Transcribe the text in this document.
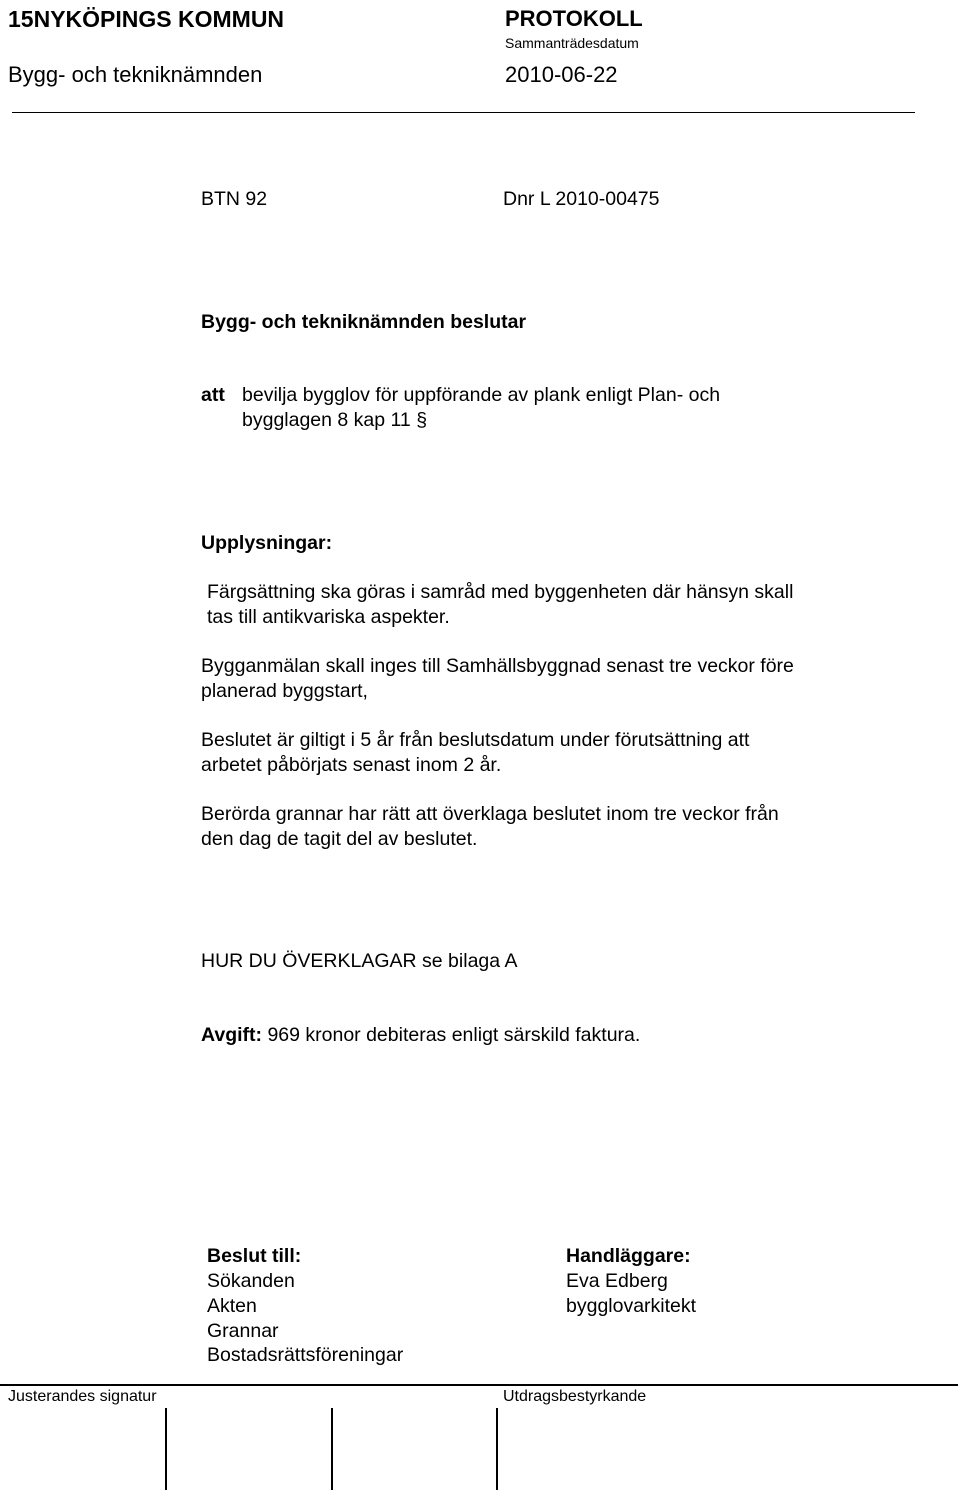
15NYKÖPINGS KOMMUN	PROTOKOLL
Sammanträdesdatum
Bygg- och tekniknämnden	2010-06-22
BTN 92	Dnr L 2010-00475
Bygg- och tekniknämnden beslutar
att bevilja bygglov för uppförande av plank enligt Plan- och
bygglagen 8 kap 11 §
Upplysningar:
Färgsättning ska göras i samråd med byggenheten där hänsyn skall
tas till antikvariska aspekter.
Bygganmälan skall inges till Samhällsbyggnad senast tre veckor före
planerad byggstart,
Beslutet är giltigt i 5 år från beslutsdatum under förutsättning att
arbetet påbörjats senast inom 2 år.
Berörda grannar har rätt att överklaga beslutet inom tre veckor från
den dag de tagit del av beslutet.
HUR DU ÖVERKLAGAR se bilaga A
Avgift: 969 kronor debiteras enligt särskild faktura.
Beslut till:
Sökanden
Akten
Grannar
Bostadsrättsföreningar
Handläggare:
Eva Edberg
bygglovarkitekt
Justerandes signatur	Utdragsbestyrkande
